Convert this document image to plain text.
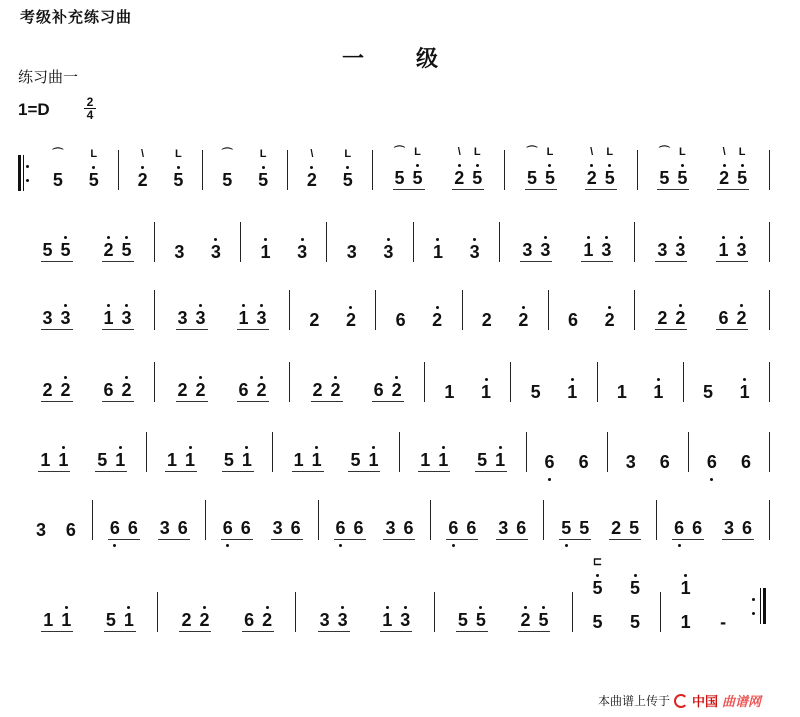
考级补充练习曲
一 级
练习曲一
1=D	2
4
5
⌒
5
L
2
\
5
L
5
⌒
5
L
2
\
5
L
5
⌒
5
L
2
\
5
L
5
⌒
5
L
2
\
5
L
5
⌒
5
L
2
\
5
L
5 5 2 5 3 3 1 3 3 3 1 3 3 3 1 3	3 3 1 3
3 3 1 3	3 3 1 3 2 2 6 2 2 2 6 2 2 2 6 2
2 2 6 2	2 2 6 2	2 2 6 2 1 1 5 1 1 1 5 1
1 1 5 1 1 1 5 1 1 1 5 1 1 1 5 1 6 6 3 6 6 6
3 6 6 6 3 6 6 6 3 6 6 6 3 6 6 6 3 6 5 5 2 5 6 6 3 6
1 1 5 1	2 2 6 2	3 3 1 3	5 5 2 5
5
⊏
5
5
5
1
1 -
本曲谱上传于 中国 曲谱网
